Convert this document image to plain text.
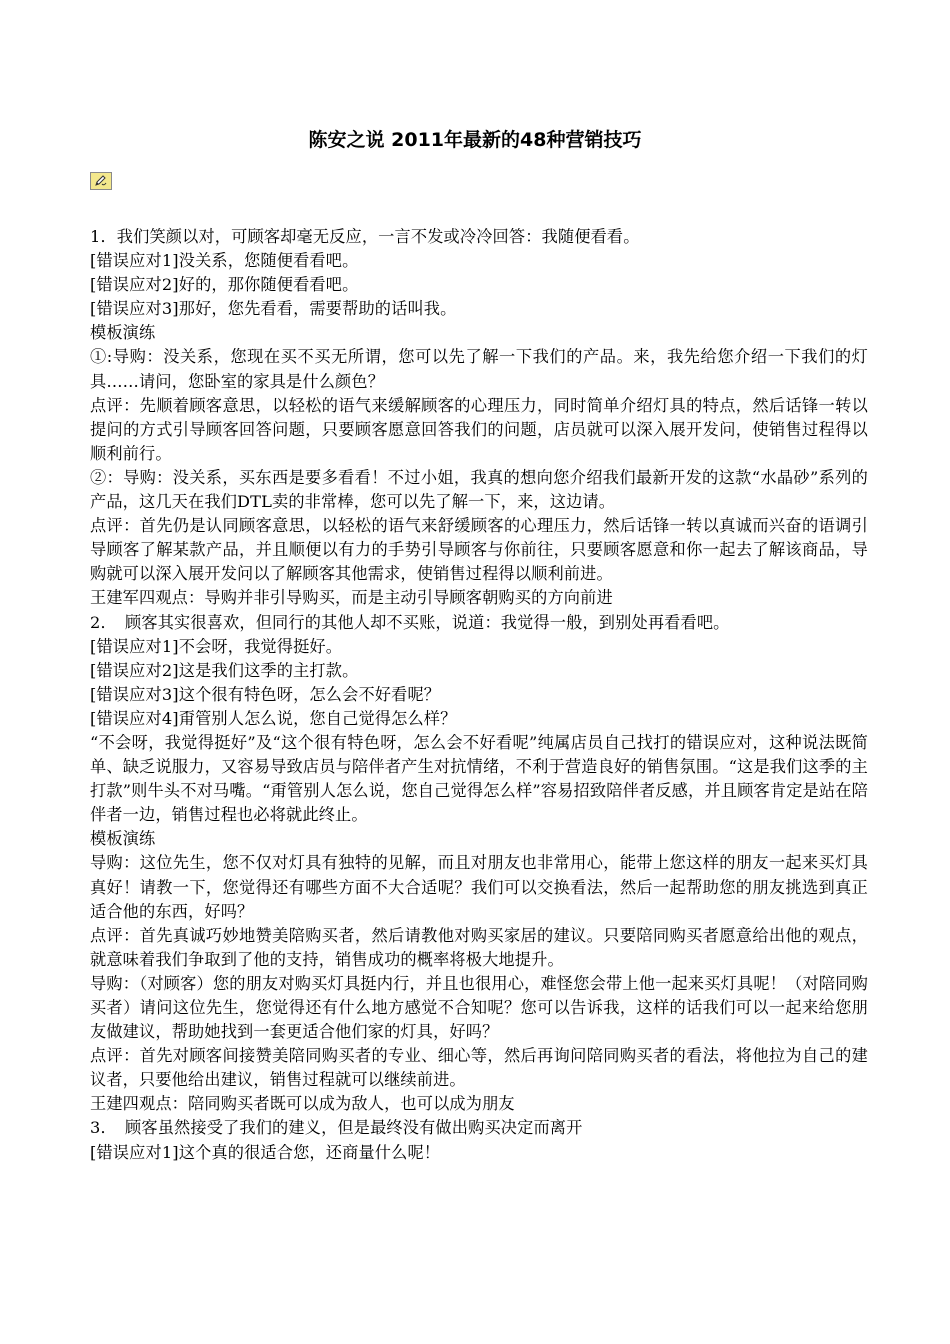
陈安之说 2011年最新的48种营销技巧

1．我们笑颜以对，可顾客却毫无反应，一言不发或冷冷回答：我随便看看。

[错误应对1]没关系，您随便看看吧。

[错误应对2]好的，那你随便看看吧。

[错误应对3]那好，您先看看，需要帮助的话叫我。

模板演练

①:导购：没关系，您现在买不买无所谓，您可以先了解一下我们的产品。来，我先给您介绍一下我们的灯具……请问，您卧室的家具是什么颜色？

点评：先顺着顾客意思，以轻松的语气来缓解顾客的心理压力，同时简单介绍灯具的特点，然后话锋一转以提问的方式引导顾客回答问题，只要顾客愿意回答我们的问题，店员就可以深入展开发问，使销售过程得以顺利前行。

②：导购：没关系，买东西是要多看看！不过小姐，我真的想向您介绍我们最新开发的这款“水晶砂”系列的产品，这几天在我们DTL卖的非常棒，您可以先了解一下，来，这边请。

点评：首先仍是认同顾客意思，以轻松的语气来舒缓顾客的心理压力，然后话锋一转以真诚而兴奋的语调引导顾客了解某款产品，并且顺便以有力的手势引导顾客与你前往，只要顾客愿意和你一起去了解该商品，导购就可以深入展开发问以了解顾客其他需求，使销售过程得以顺利前进。

王建军四观点：导购并非引导购买，而是主动引导顾客朝购买的方向前进

2．　顾客其实很喜欢，但同行的其他人却不买账，说道：我觉得一般，到别处再看看吧。

[错误应对1]不会呀，我觉得挺好。

[错误应对2]这是我们这季的主打款。

[错误应对3]这个很有特色呀，怎么会不好看呢？

[错误应对4]甭管别人怎么说，您自己觉得怎么样？

“不会呀，我觉得挺好”及“这个很有特色呀，怎么会不好看呢”纯属店员自己找打的错误应对，这种说法既简单、缺乏说服力，又容易导致店员与陪伴者产生对抗情绪，不利于营造良好的销售氛围。“这是我们这季的主打款”则牛头不对马嘴。“甭管别人怎么说，您自己觉得怎么样”容易招致陪伴者反感，并且顾客肯定是站在陪伴者一边，销售过程也必将就此终止。

模板演练

导购：这位先生，您不仅对灯具有独特的见解，而且对朋友也非常用心，能带上您这样的朋友一起来买灯具真好！请教一下，您觉得还有哪些方面不大合适呢？我们可以交换看法，然后一起帮助您的朋友挑选到真正适合他的东西，好吗？

点评：首先真诚巧妙地赞美陪购买者，然后请教他对购买家居的建议。只要陪同购买者愿意给出他的观点，就意味着我们争取到了他的支持，销售成功的概率将极大地提升。

导购：（对顾客）您的朋友对购买灯具挺内行，并且也很用心，难怪您会带上他一起来买灯具呢！（对陪同购买者）请问这位先生，您觉得还有什么地方感觉不合知呢？您可以告诉我，这样的话我们可以一起来给您朋友做建议，帮助她找到一套更适合他们家的灯具，好吗？

点评：首先对顾客间接赞美陪同购买者的专业、细心等，然后再询问陪同购买者的看法，将他拉为自己的建议者，只要他给出建议，销售过程就可以继续前进。

王建四观点：陪同购买者既可以成为敌人，也可以成为朋友

3．　顾客虽然接受了我们的建义，但是最终没有做出购买决定而离开

[错误应对1]这个真的很适合您，还商量什么呢！
